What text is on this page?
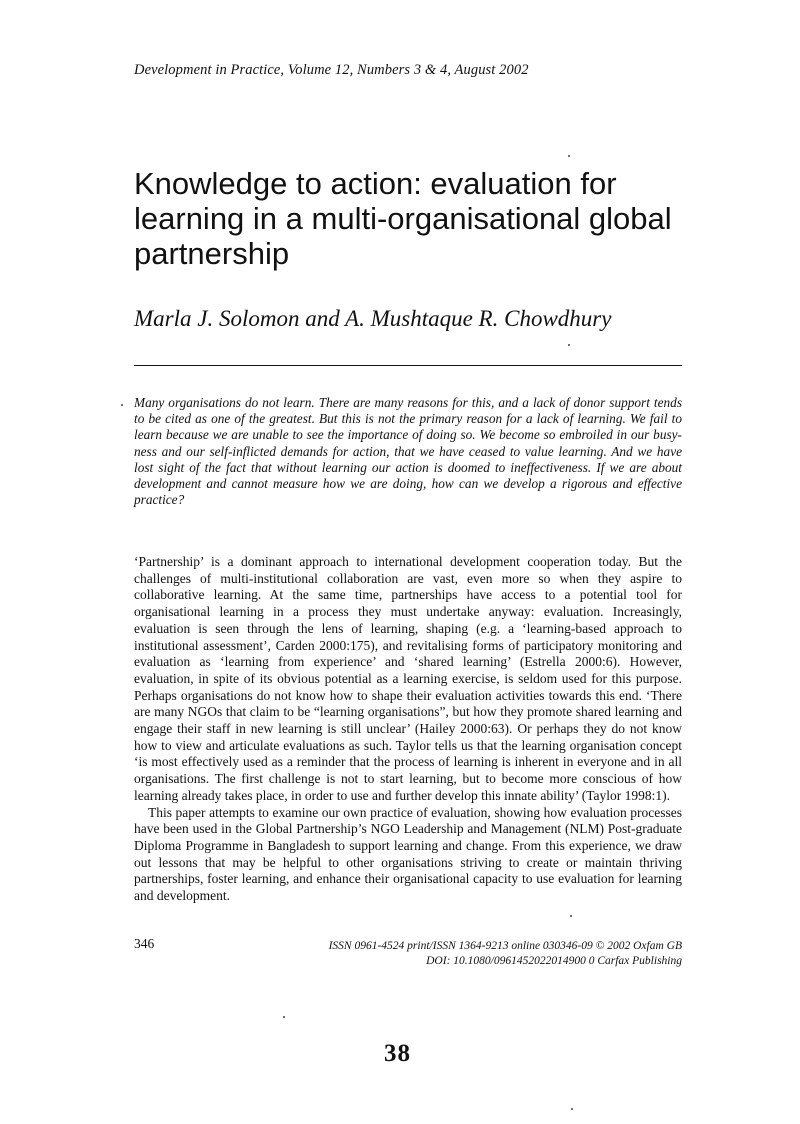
Development in Practice, Volume 12, Numbers 3 & 4, August 2002
Knowledge to action: evaluation for learning in a multi-organisational global partnership
Marla J. Solomon and A. Mushtaque R. Chowdhury

Many organisations do not learn. There are many reasons for this, and a lack of donor support tends to be cited as one of the greatest. But this is not the primary reason for a lack of learning. We fail to learn because we are unable to see the importance of doing so. We become so embroiled in our busy-ness and our self-inflicted demands for action, that we have ceased to value learning. And we have lost sight of the fact that without learning our action is doomed to ineffectiveness. If we are about development and cannot measure how we are doing, how can we develop a rigorous and effective practice?

‘Partnership’ is a dominant approach to international development cooperation today. But the challenges of multi-institutional collaboration are vast, even more so when they aspire to collaborative learning. At the same time, partnerships have access to a potential tool for organisational learning in a process they must undertake anyway: evaluation. Increasingly, evaluation is seen through the lens of learning, shaping (e.g. a ‘learning-based approach to institutional assessment’, Carden 2000:175), and revitalising forms of participatory monitoring and evaluation as ‘learning from experience’ and ‘shared learning’ (Estrella 2000:6). However, evaluation, in spite of its obvious potential as a learning exercise, is seldom used for this purpose. Perhaps organisations do not know how to shape their evaluation activities towards this end. ‘There are many NGOs that claim to be “learning organisations”, but how they promote shared learning and engage their staff in new learning is still unclear’ (Hailey 2000:63). Or perhaps they do not know how to view and articulate evaluations as such. Taylor tells us that the learning organisation concept ‘is most effectively used as a reminder that the process of learning is inherent in everyone and in all organisations. The first challenge is not to start learning, but to become more conscious of how learning already takes place, in order to use and further develop this innate ability’ (Taylor 1998:1).

This paper attempts to examine our own practice of evaluation, showing how evaluation processes have been used in the Global Partnership’s NGO Leadership and Management (NLM) Post-graduate Diploma Programme in Bangladesh to support learning and change. From this experience, we draw out lessons that may be helpful to other organisations striving to create or maintain thriving partnerships, foster learning, and enhance their organisational capacity to use evaluation for learning and development.

346	ISSN 0961-4524 print/ISSN 1364-9213 online 030346-09 © 2002 Oxfam GB
DOI: 10.1080/0961452022014900 0 Carfax Publishing
38
